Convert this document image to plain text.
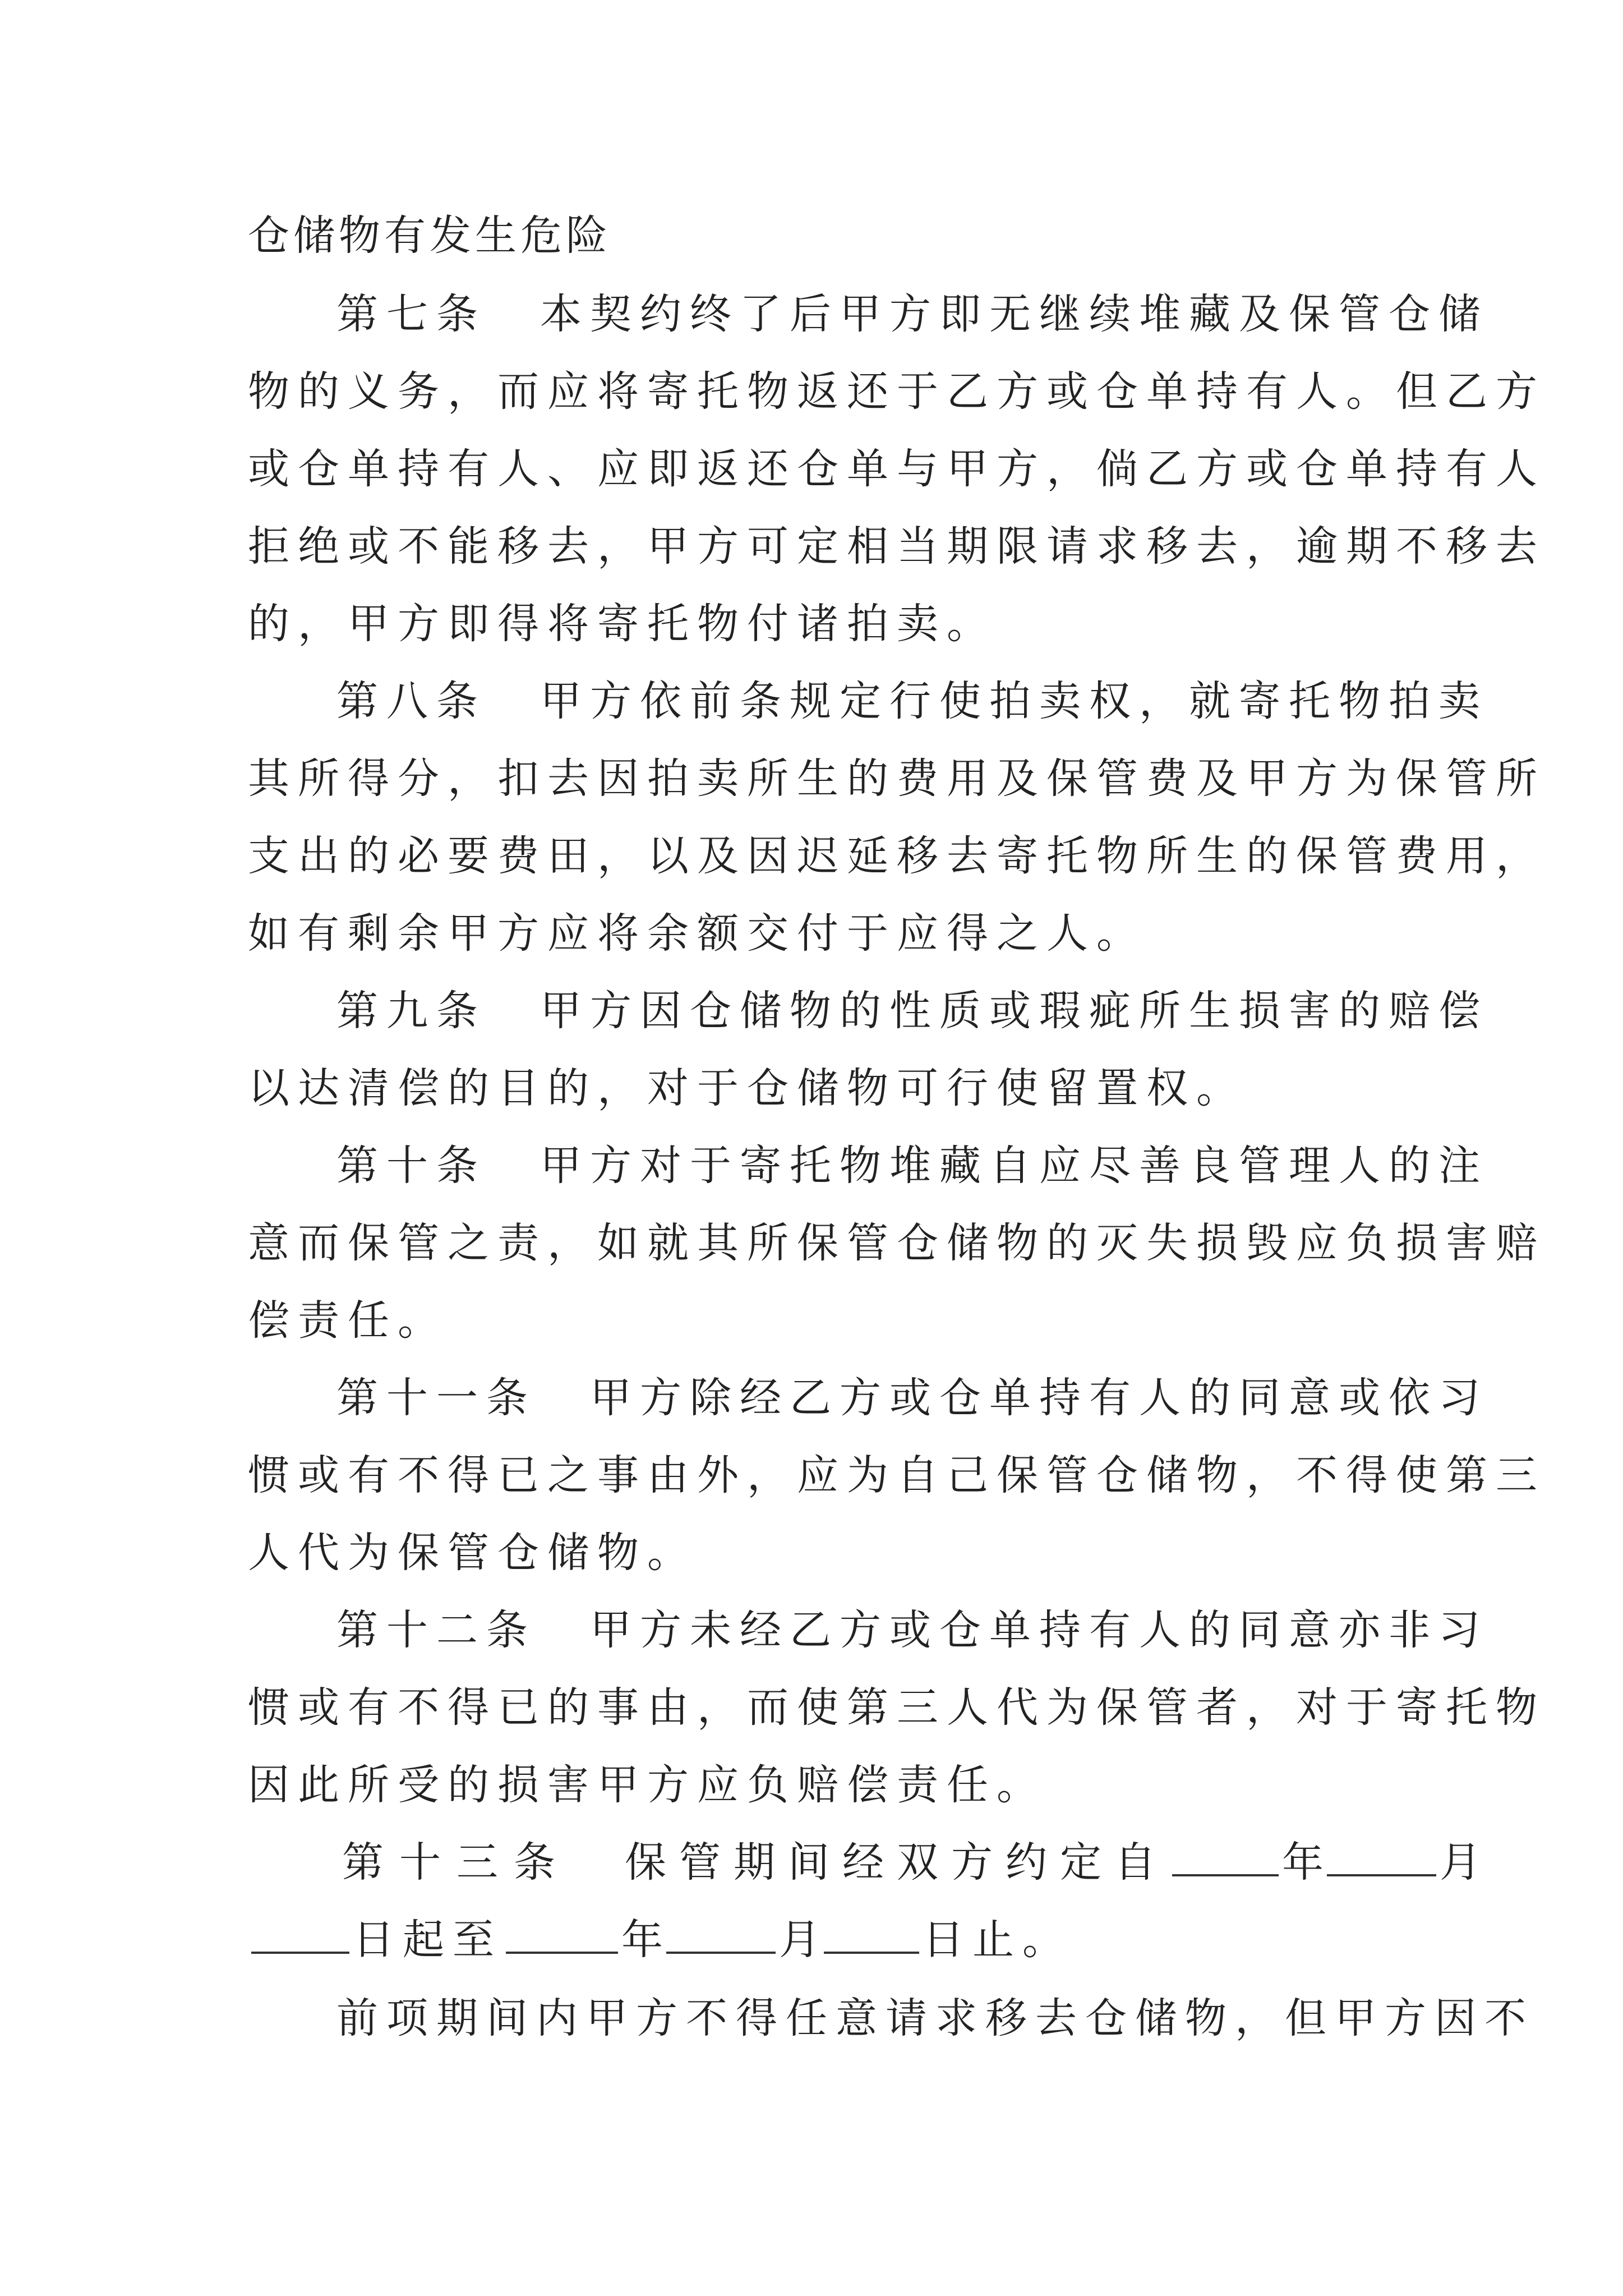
仓储物有发生危险
第七条 本契约终了后甲方即无继续堆藏及保管仓储
物的义务，而应将寄托物返还于乙方或仓单持有人。但乙方
或仓单持有人、应即返还仓单与甲方，倘乙方或仓单持有人
拒绝或不能移去，甲方可定相当期限请求移去，逾期不移去
的，甲方即得将寄托物付诸拍卖。
第八条 甲方依前条规定行使拍卖权，就寄托物拍卖
其所得分，扣去因拍卖所生的费用及保管费及甲方为保管所
支出的必要费田，以及因迟延移去寄托物所生的保管费用，
如有剩余甲方应将余额交付于应得之人。
第九条 甲方因仓储物的性质或瑕疵所生损害的赔偿
以达清偿的目的，对于仓储物可行使留置权。
第十条 甲方对于寄托物堆藏自应尽善良管理人的注
意而保管之责，如就其所保管仓储物的灭失损毁应负损害赔
偿责任。
第十一条 甲方除经乙方或仓单持有人的同意或依习
惯或有不得已之事由外，应为自己保管仓储物，不得使第三
人代为保管仓储物。
第十二条 甲方未经乙方或仓单持有人的同意亦非习
惯或有不得已的事由，而使第三人代为保管者，对于寄托物
因此所受的损害甲方应负赔偿责任。
第十三条 保管期间经双方约定自	年	月
日起至	年	月 日止。
前项期间内甲方不得任意请求移去仓储物，但甲方因不
